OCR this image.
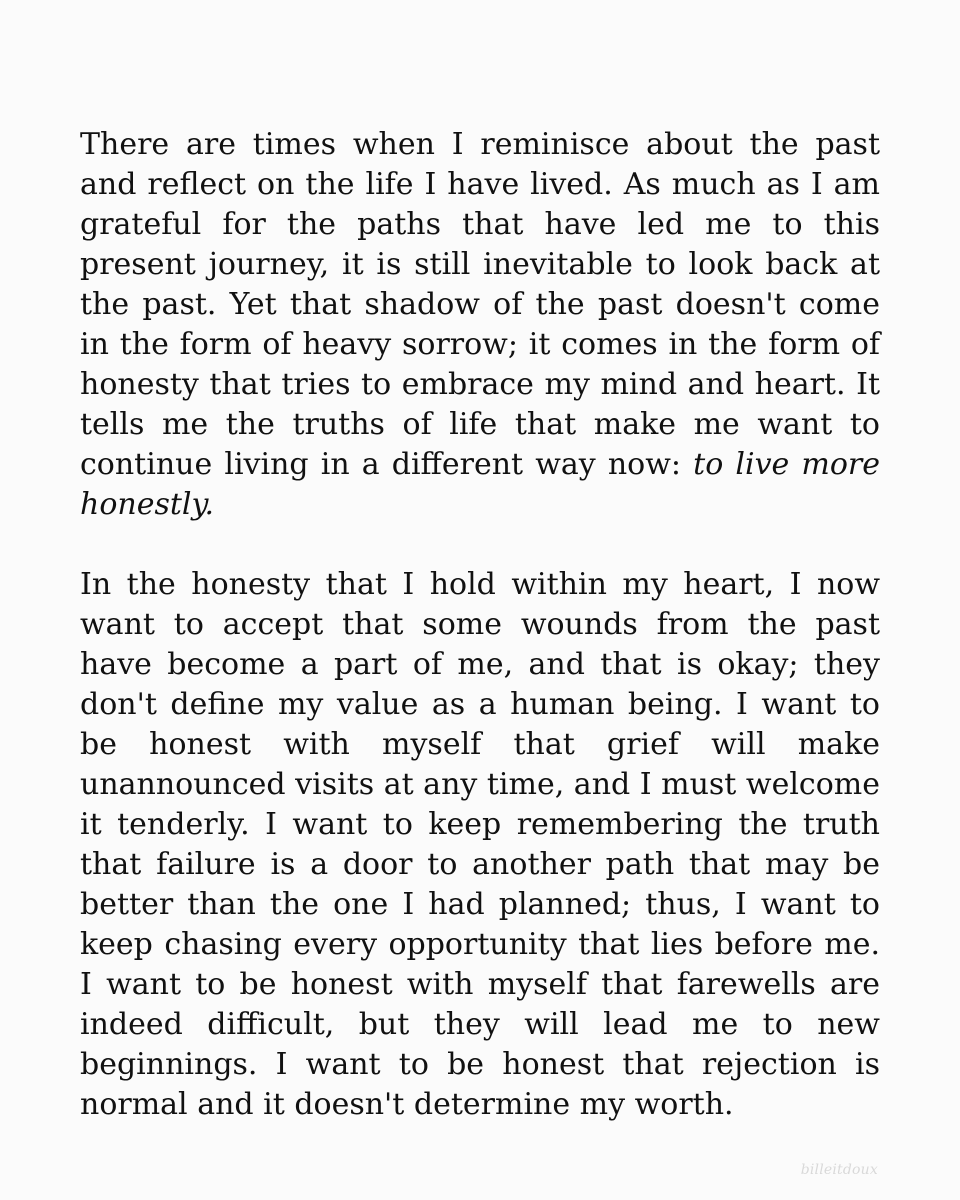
There are times when I reminisce about the past and reflect on the life I have lived. As much as I am grateful for the paths that have led me to this present journey, it is still inevitable to look back at the past. Yet that shadow of the past doesn't come in the form of heavy sorrow; it comes in the form of honesty that tries to embrace my mind and heart. It tells me the truths of life that make me want to continue living in a different way now: to live more honestly.

In the honesty that I hold within my heart, I now want to accept that some wounds from the past have become a part of me, and that is okay; they don't define my value as a human being. I want to be honest with myself that grief will make unannounced visits at any time, and I must welcome it tenderly. I want to keep remembering the truth that failure is a door to another path that may be better than the one I had planned; thus, I want to keep chasing every opportunity that lies before me. I want to be honest with myself that farewells are indeed difficult, but they will lead me to new beginnings. I want to be honest that rejection is normal and it doesn't determine my worth.

billeitdoux
